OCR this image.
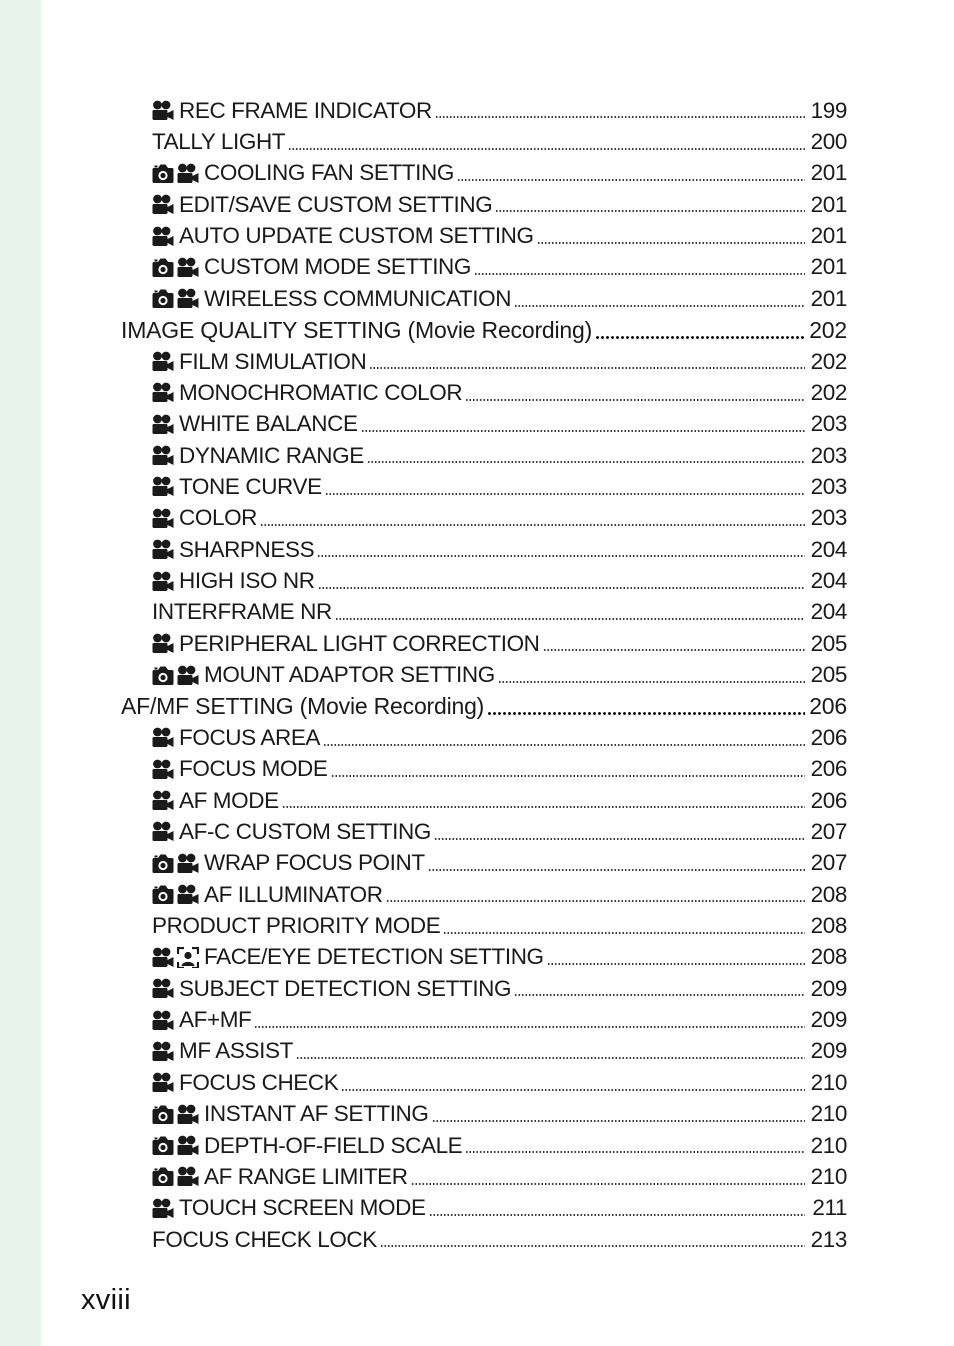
REC FRAME INDICATOR	199
TALLY LIGHT	200
COOLING FAN SETTING	201
EDIT/SAVE CUSTOM SETTING	201
AUTO UPDATE CUSTOM SETTING	201
CUSTOM MODE SETTING	201
WIRELESS COMMUNICATION	201
IMAGE QUALITY SETTING (Movie Recording)	202
FILM SIMULATION	202
MONOCHROMATIC COLOR	202
WHITE BALANCE	203
DYNAMIC RANGE	203
TONE CURVE	203
COLOR	203
SHARPNESS	204
HIGH ISO NR	204
INTERFRAME NR	204
PERIPHERAL LIGHT CORRECTION	205
MOUNT ADAPTOR SETTING	205
AF/MF SETTING (Movie Recording)	206
FOCUS AREA	206
FOCUS MODE	206
AF MODE	206
AF-C CUSTOM SETTING	207
WRAP FOCUS POINT	207
AF ILLUMINATOR	208
PRODUCT PRIORITY MODE	208
FACE/EYE DETECTION SETTING	208
SUBJECT DETECTION SETTING	209
AF+MF	209
MF ASSIST	209
FOCUS CHECK	210
INSTANT AF SETTING	210
DEPTH-OF-FIELD SCALE	210
AF RANGE LIMITER	210
TOUCH SCREEN MODE	211
FOCUS CHECK LOCK	213
xviii
